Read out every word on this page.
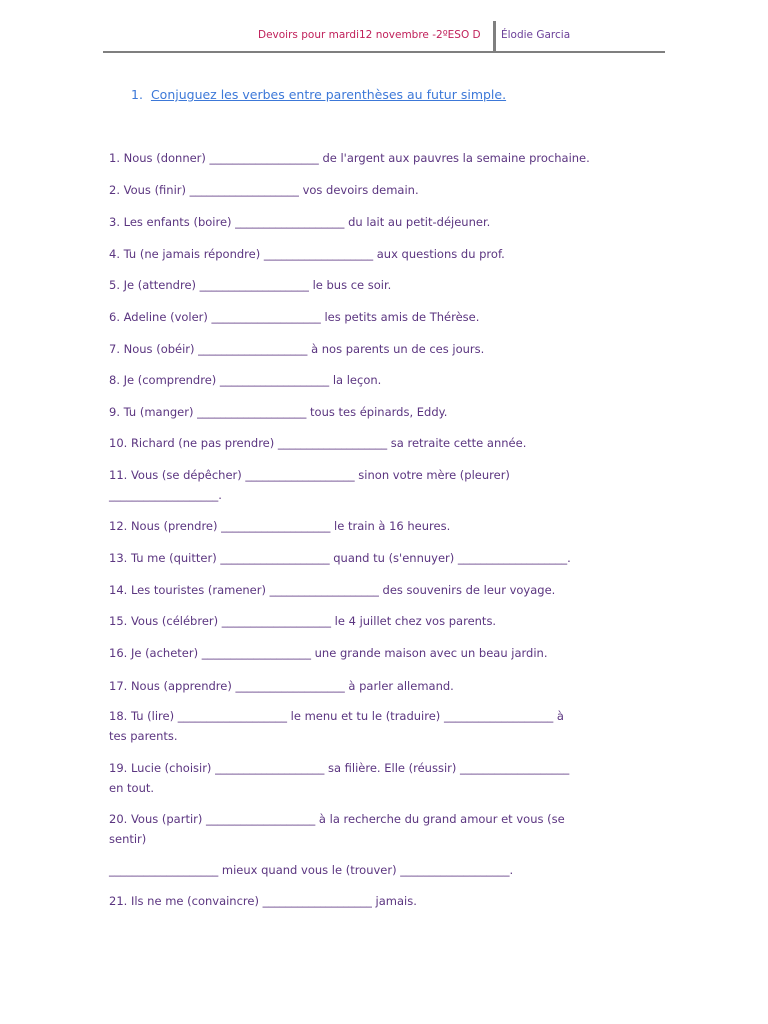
Devoirs pour mardi12 novembre -2ºESO D Élodie Garcia
1. Conjuguez les verbes entre parenthèses au futur simple.
1. Nous (donner) ___________________ de l'argent aux pauvres la semaine prochaine.
2. Vous (finir) ___________________ vos devoirs demain.
3. Les enfants (boire) ___________________ du lait au petit-déjeuner.
4. Tu (ne jamais répondre) ___________________ aux questions du prof.
5. Je (attendre) ___________________ le bus ce soir.
6. Adeline (voler) ___________________ les petits amis de Thérèse.
7. Nous (obéir) ___________________ à nos parents un de ces jours.
8. Je (comprendre) ___________________ la leçon.
9. Tu (manger) ___________________ tous tes épinards, Eddy.
10. Richard (ne pas prendre) ___________________ sa retraite cette année.
11. Vous (se dépêcher) ___________________ sinon votre mère (pleurer)
___________________.
12. Nous (prendre) ___________________ le train à 16 heures.
13. Tu me (quitter) ___________________ quand tu (s'ennuyer) ___________________.
14. Les touristes (ramener) ___________________ des souvenirs de leur voyage.
15. Vous (célébrer) ___________________ le 4 juillet chez vos parents.
16. Je (acheter) ___________________ une grande maison avec un beau jardin.
17. Nous (apprendre) ___________________ à parler allemand.
18. Tu (lire) ___________________ le menu et tu le (traduire) ___________________ à
tes parents.
19. Lucie (choisir) ___________________ sa filière. Elle (réussir) ___________________
en tout.
20. Vous (partir) ___________________ à la recherche du grand amour et vous (se
sentir)
___________________ mieux quand vous le (trouver) ___________________.
21. Ils ne me (convaincre) ___________________ jamais.
